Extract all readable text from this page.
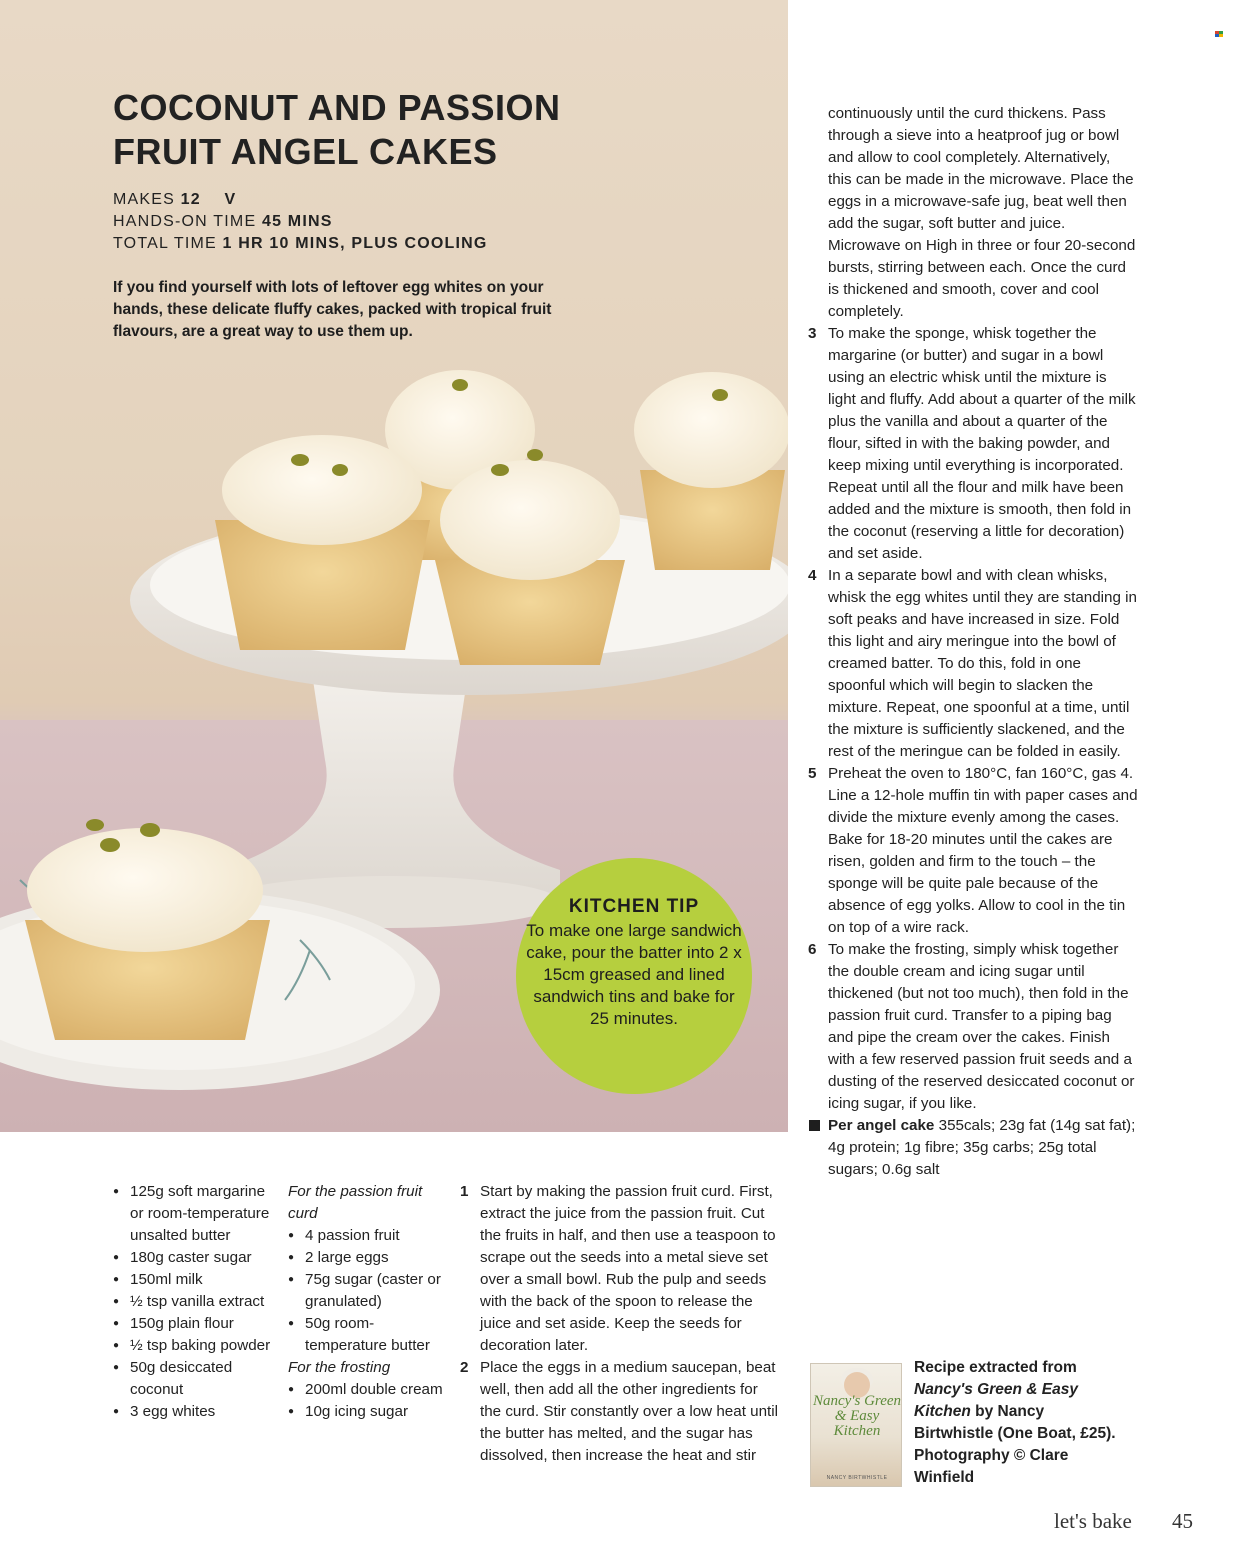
COCONUT AND PASSION FRUIT ANGEL CAKES
MAKES 12 V
HANDS-ON TIME 45 MINS
TOTAL TIME 1 HR 10 MINS, PLUS COOLING

If you find yourself with lots of leftover egg whites on your hands, these delicate fluffy cakes, packed with tropical fruit flavours, are a great way to use them up.

KITCHEN TIP
To make one large sandwich cake, pour the batter into 2 x 15cm greased and lined sandwich tins and bake for 25 minutes.
● 125g soft margarine or room-temperature unsalted butter
● 180g caster sugar
● 150ml milk
● ½ tsp vanilla extract
● 150g plain flour
● ½ tsp baking powder
● 50g desiccated coconut
● 3 egg whites
For the passion fruit curd
● 4 passion fruit
● 2 large eggs
● 75g sugar (caster or granulated)
● 50g room-temperature butter
For the frosting
● 200ml double cream
● 10g icing sugar
1 Start by making the passion fruit curd. First, extract the juice from the passion fruit. Cut the fruits in half, and then use a teaspoon to scrape out the seeds into a metal sieve set over a small bowl. Rub the pulp and seeds with the back of the spoon to release the juice and set aside. Keep the seeds for decoration later.
2 Place the eggs in a medium saucepan, beat well, then add all the other ingredients for the curd. Stir constantly over a low heat until the butter has melted, and the sugar has dissolved, then increase the heat and stir
continuously until the curd thickens. Pass through a sieve into a heatproof jug or bowl and allow to cool completely. Alternatively, this can be made in the microwave. Place the eggs in a microwave-safe jug, beat well then add the sugar, soft butter and juice. Microwave on High in three or four 20-second bursts, stirring between each. Once the curd is thickened and smooth, cover and cool completely.
3 To make the sponge, whisk together the margarine (or butter) and sugar in a bowl using an electric whisk until the mixture is light and fluffy. Add about a quarter of the milk plus the vanilla and about a quarter of the flour, sifted in with the baking powder, and keep mixing until everything is incorporated. Repeat until all the flour and milk have been added and the mixture is smooth, then fold in the coconut (reserving a little for decoration) and set aside.
4 In a separate bowl and with clean whisks, whisk the egg whites until they are standing in soft peaks and have increased in size. Fold this light and airy meringue into the bowl of creamed batter. To do this, fold in one spoonful which will begin to slacken the mixture. Repeat, one spoonful at a time, until the mixture is sufficiently slackened, and the rest of the meringue can be folded in easily.
5 Preheat the oven to 180°C, fan 160°C, gas 4. Line a 12-hole muffin tin with paper cases and divide the mixture evenly among the cases. Bake for 18-20 minutes until the cakes are risen, golden and firm to the touch – the sponge will be quite pale because of the absence of egg yolks. Allow to cool in the tin on top of a wire rack.
6 To make the frosting, simply whisk together the double cream and icing sugar until thickened (but not too much), then fold in the passion fruit curd. Transfer to a piping bag and pipe the cream over the cakes. Finish with a few reserved passion fruit seeds and a dusting of the reserved desiccated coconut or icing sugar, if you like.
Per angel cake 355cals; 23g fat (14g sat fat); 4g protein; 1g fibre; 35g carbs; 25g total sugars; 0.6g salt
Nancy's Green & Easy Kitchen
NANCY BIRTWHISTLE

Recipe extracted from Nancy's Green & Easy Kitchen by Nancy Birtwhistle (One Boat, £25). Photography © Clare Winfield

let's bake 45
